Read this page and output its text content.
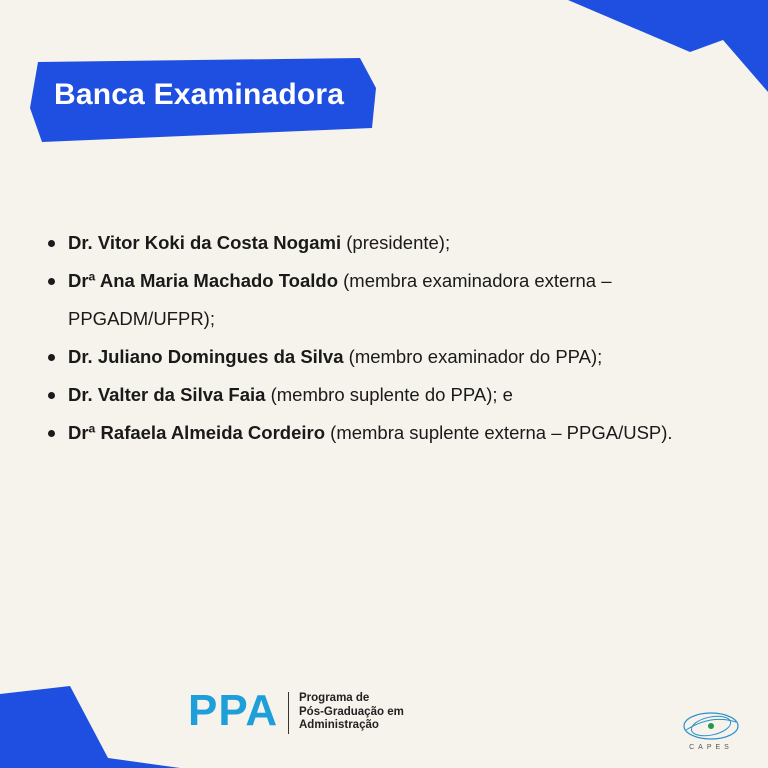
Banca Examinadora
Dr. Vitor Koki da Costa Nogami (presidente);
Drª Ana Maria Machado Toaldo (membra examinadora externa – PPGADM/UFPR);
Dr. Juliano Domingues da Silva (membro examinador do PPA);
Dr. Valter da Silva Faia (membro suplente do PPA); e
Drª Rafaela Almeida Cordeiro (membra suplente externa – PPGA/USP).
PPA Programa de
Pós-Graduação em
Administração
CAPES
